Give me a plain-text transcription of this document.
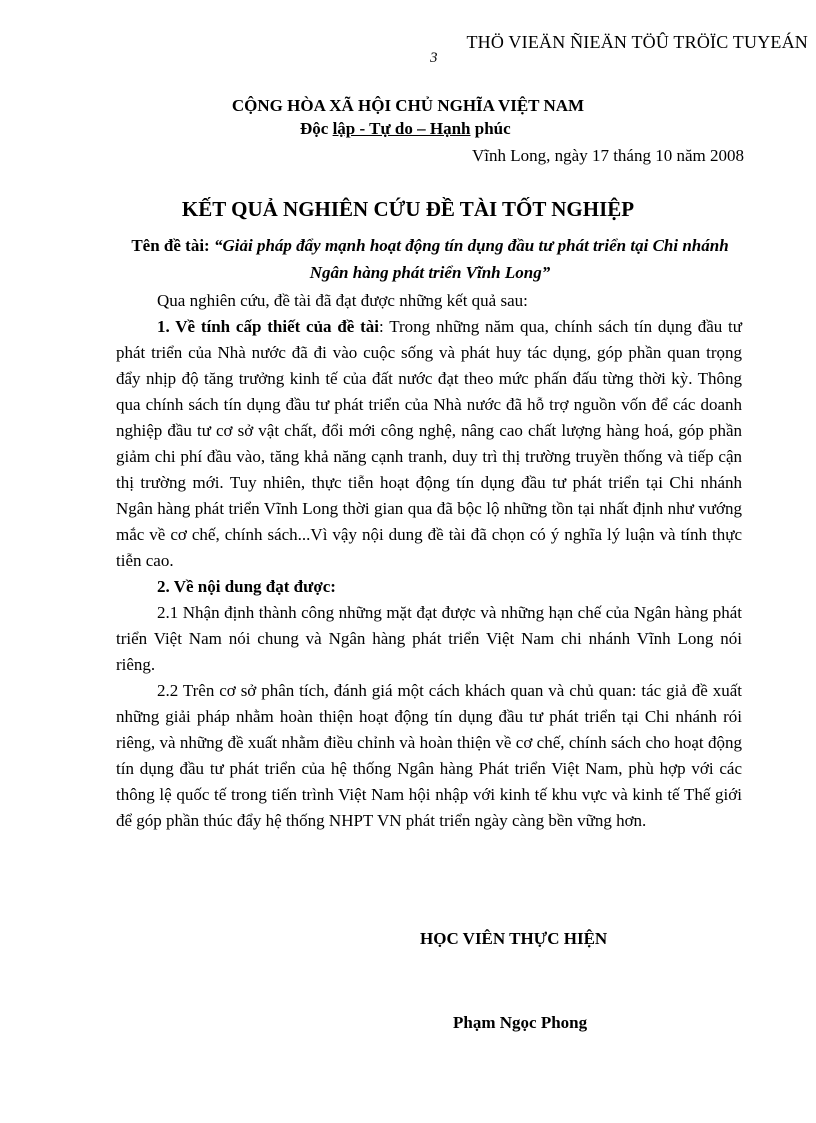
THÖ VIEÄN ÑIEÄN TÖÛ TRÖÏC TUYEÁN
3
CỘNG HÒA XÃ HỘI CHỦ NGHĨA VIỆT NAM
Độc lập - Tự do – Hạnh phúc
Vĩnh Long, ngày 17 tháng 10 năm 2008
KẾT QUẢ NGHIÊN CỨU ĐỀ TÀI TỐT NGHIỆP
Tên đề tài: “Giải pháp đẩy mạnh hoạt động tín dụng đầu tư phát triển tại Chi nhánh Ngân hàng phát triển Vĩnh Long”

Qua nghiên cứu, đề tài đã đạt được những kết quả sau:

1. Về tính cấp thiết của đề tài: Trong những năm qua, chính sách tín dụng đầu tư phát triển của Nhà nước đã đi vào cuộc sống và phát huy tác dụng, góp phần quan trọng đẩy nhịp độ tăng trưởng kinh tế của đất nước đạt theo mức phấn đấu từng thời kỳ. Thông qua chính sách tín dụng đầu tư phát triển của Nhà nước đã hỗ trợ nguồn vốn để các doanh nghiệp đầu tư cơ sở vật chất, đổi mới công nghệ, nâng cao chất lượng hàng hoá, góp phần giảm chi phí đầu vào, tăng khả năng cạnh tranh, duy trì thị trường truyền thống và tiếp cận thị trường mới. Tuy nhiên, thực tiễn hoạt động tín dụng đầu tư phát triển tại Chi nhánh Ngân hàng phát triển Vĩnh Long thời gian qua đã bộc lộ những tồn tại nhất định như vướng mắc về cơ chế, chính sách...Vì vậy nội dung đề tài đã chọn có ý nghĩa lý luận và tính thực tiễn cao.

2. Về nội dung đạt được:

2.1 Nhận định thành công những mặt đạt được và những hạn chế của Ngân hàng phát triển Việt Nam nói chung và Ngân hàng phát triển Việt Nam chi nhánh Vĩnh Long nói riêng.

2.2 Trên cơ sở phân tích, đánh giá một cách khách quan và chủ quan: tác giả đề xuất những giải pháp nhằm hoàn thiện hoạt động tín dụng đầu tư phát triển tại Chi nhánh rói riêng, và những đề xuất nhằm điều chỉnh và hoàn thiện về cơ chế, chính sách cho hoạt động tín dụng đầu tư phát triển của hệ thống Ngân hàng Phát triển Việt Nam, phù hợp với các thông lệ quốc tế trong tiến trình Việt Nam hội nhập với kinh tế khu vực và kinh tế Thế giới để góp phần thúc đẩy hệ thống NHPT VN phát triển ngày càng bền vững hơn.

HỌC VIÊN THỰC HIỆN
Phạm Ngọc Phong
